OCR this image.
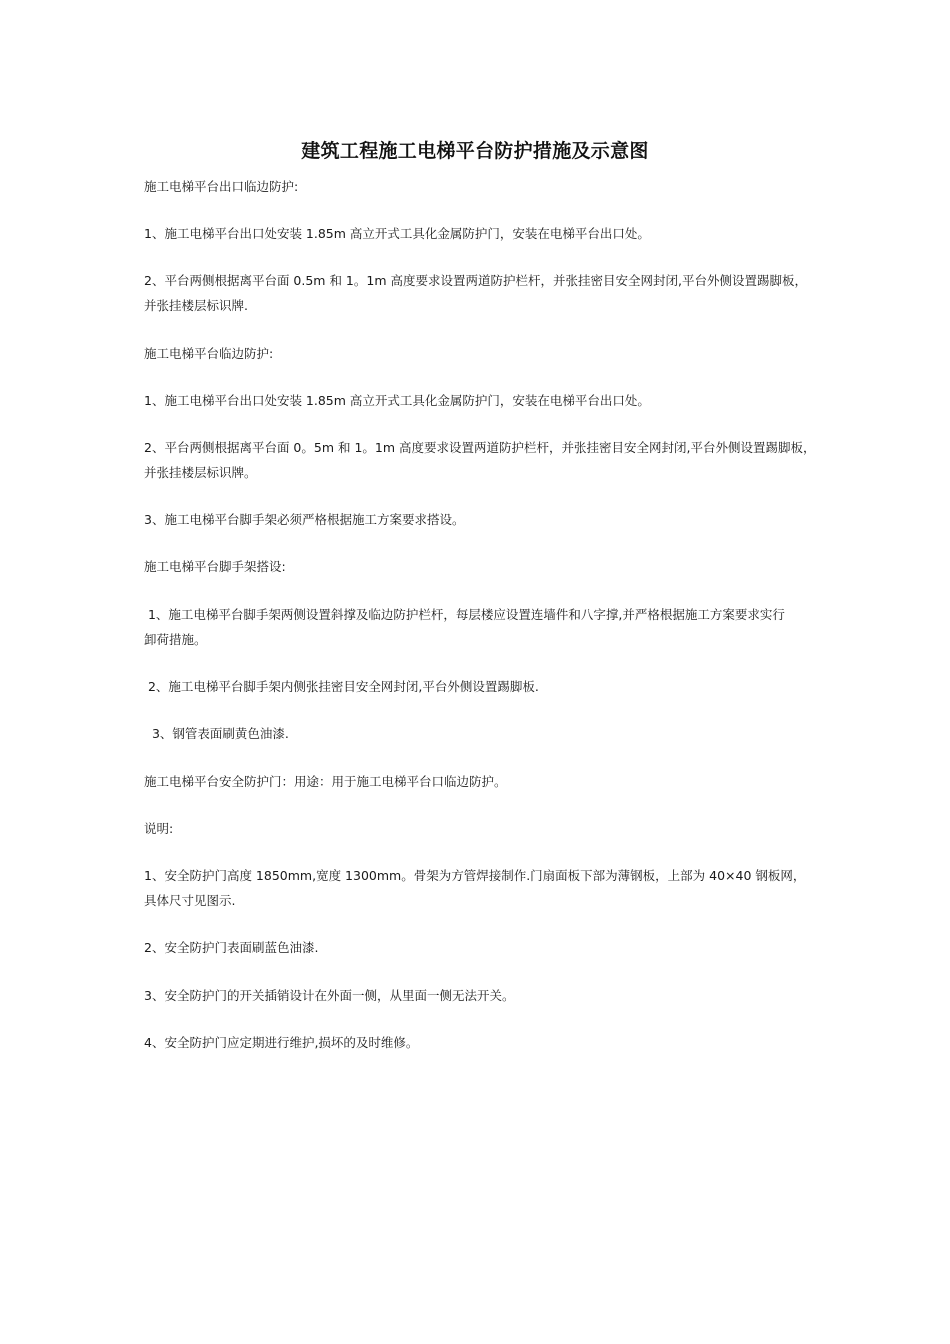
建筑工程施工电梯平台防护措施及示意图
施工电梯平台出口临边防护:
1、施工电梯平台出口处安装 1.85m 高立开式工具化金属防护门，安装在电梯平台出口处。
2、平台两侧根据离平台面 0.5m 和 1。1m 高度要求设置两道防护栏杆，并张挂密目安全网封闭,平台外侧设置踢脚板，
并张挂楼层标识牌.
施工电梯平台临边防护:
1、施工电梯平台出口处安装 1.85m 高立开式工具化金属防护门，安装在电梯平台出口处。
2、平台两侧根据离平台面 0。5m 和 1。1m 高度要求设置两道防护栏杆，并张挂密目安全网封闭,平台外侧设置踢脚板，
并张挂楼层标识牌。
3、施工电梯平台脚手架必须严格根据施工方案要求搭设。
施工电梯平台脚手架搭设:
1、施工电梯平台脚手架两侧设置斜撑及临边防护栏杆，每层楼应设置连墙件和八字撑,并严格根据施工方案要求实行
卸荷措施。
2、施工电梯平台脚手架内侧张挂密目安全网封闭,平台外侧设置踢脚板.
3、钢管表面刷黄色油漆.
施工电梯平台安全防护门：用途：用于施工电梯平台口临边防护。
说明:
1、安全防护门高度 1850mm,宽度 1300mm。骨架为方管焊接制作.门扇面板下部为薄钢板，上部为 40×40 钢板网，
具体尺寸见图示.
2、安全防护门表面刷蓝色油漆.
3、安全防护门的开关插销设计在外面一侧，从里面一侧无法开关。
4、安全防护门应定期进行维护,损坏的及时维修。
